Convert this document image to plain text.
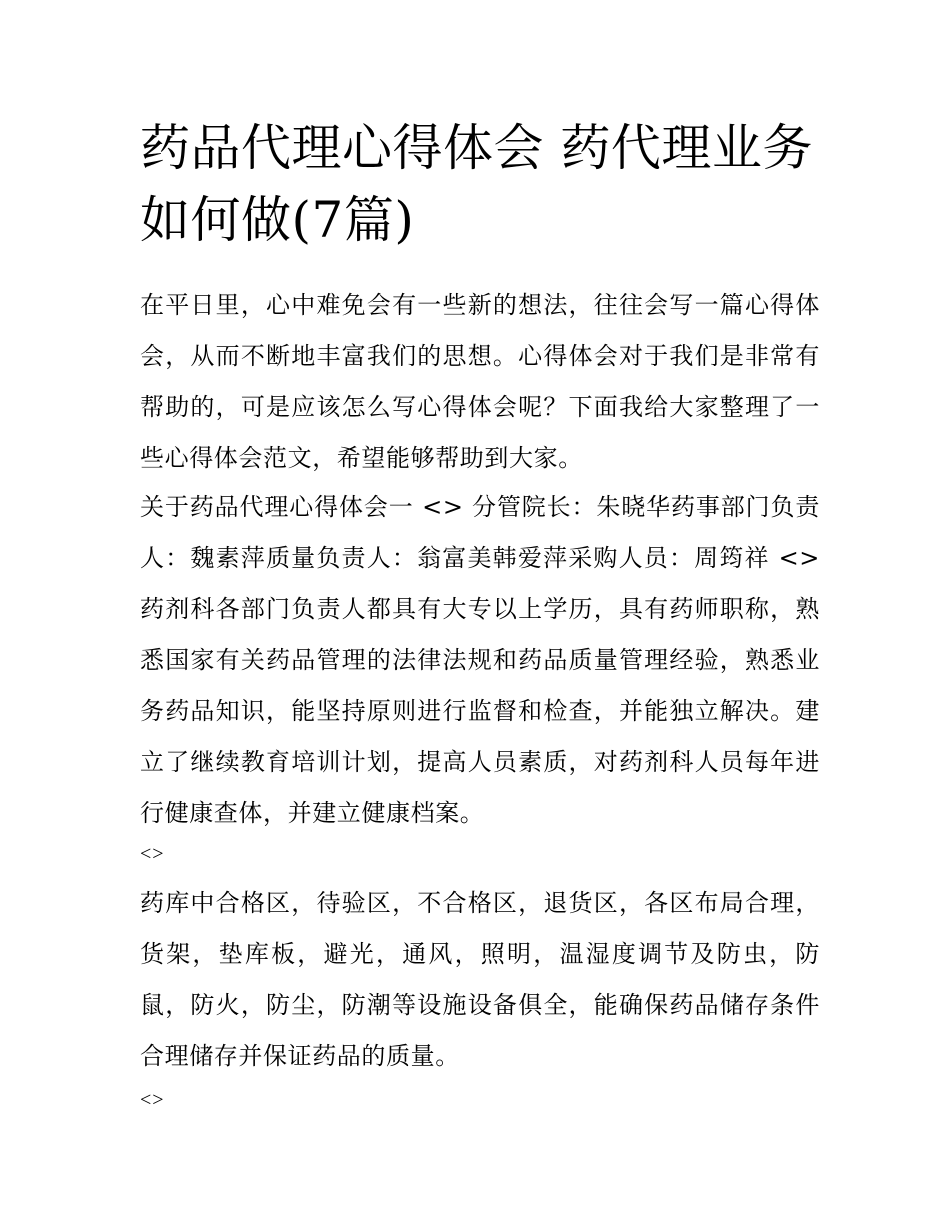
药品代理心得体会 药代理业务如何做(7篇)

在平日里，心中难免会有一些新的想法，往往会写一篇心得体会，从而不断地丰富我们的思想。心得体会对于我们是非常有帮助的，可是应该怎么写心得体会呢？下面我给大家整理了一些心得体会范文，希望能够帮助到大家。

关于药品代理心得体会一 <> 分管院长：朱晓华药事部门负责人：魏素萍质量负责人：翁富美韩爱萍采购人员：周筠祥 <> 药剂科各部门负责人都具有大专以上学历，具有药师职称，熟悉国家有关药品管理的法律法规和药品质量管理经验，熟悉业务药品知识，能坚持原则进行监督和检查，并能独立解决。建立了继续教育培训计划，提高人员素质，对药剂科人员每年进行健康查体，并建立健康档案。

<>

药库中合格区，待验区，不合格区，退货区，各区布局合理，货架，垫库板，避光，通风，照明，温湿度调节及防虫，防鼠，防火，防尘，防潮等设施设备俱全，能确保药品储存条件合理储存并保证药品的质量。

<>
